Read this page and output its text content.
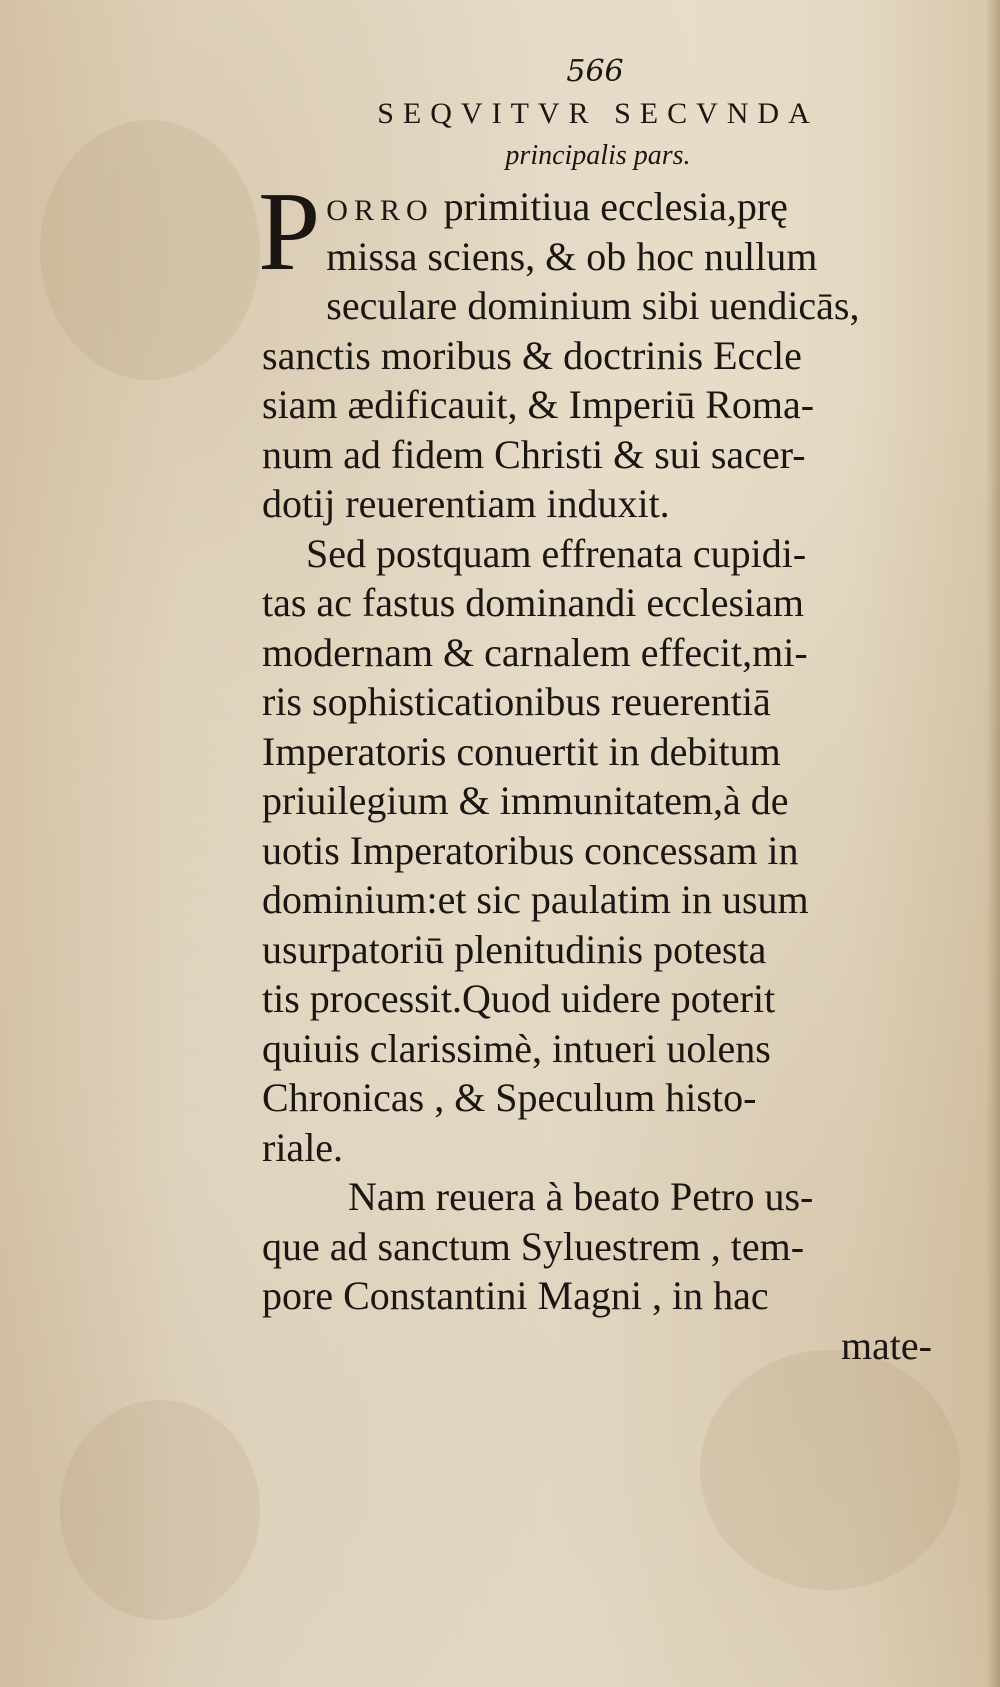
566
SEQVITVR SECVNDA
principalis pars.
P ORRO primitiua ecclesia,prę
missa sciens, & ob hoc nullum
seculare dominium sibi uendicās,
sanctis moribus & doctrinis Eccle
siam ædificauit, & Imperiū Roma-
num ad fidem Christi & sui sacer-
dotij reuerentiam induxit.
Sed postquam effrenata cupidi-
tas ac fastus dominandi ecclesiam
modernam & carnalem effecit,mi-
ris sophisticationibus reuerentiā
Imperatoris conuertit in debitum
priuilegium & immunitatem,à de
uotis Imperatoribus concessam in
dominium:et sic paulatim in usum
usurpatoriū plenitudinis potesta
tis processit.Quod uidere poterit
quiuis clarissimè, intueri uolens
Chronicas , & Speculum histo-
riale.
Nam reuera à beato Petro us-
que ad sanctum Syluestrem , tem-
pore Constantini Magni , in hac
mate-
